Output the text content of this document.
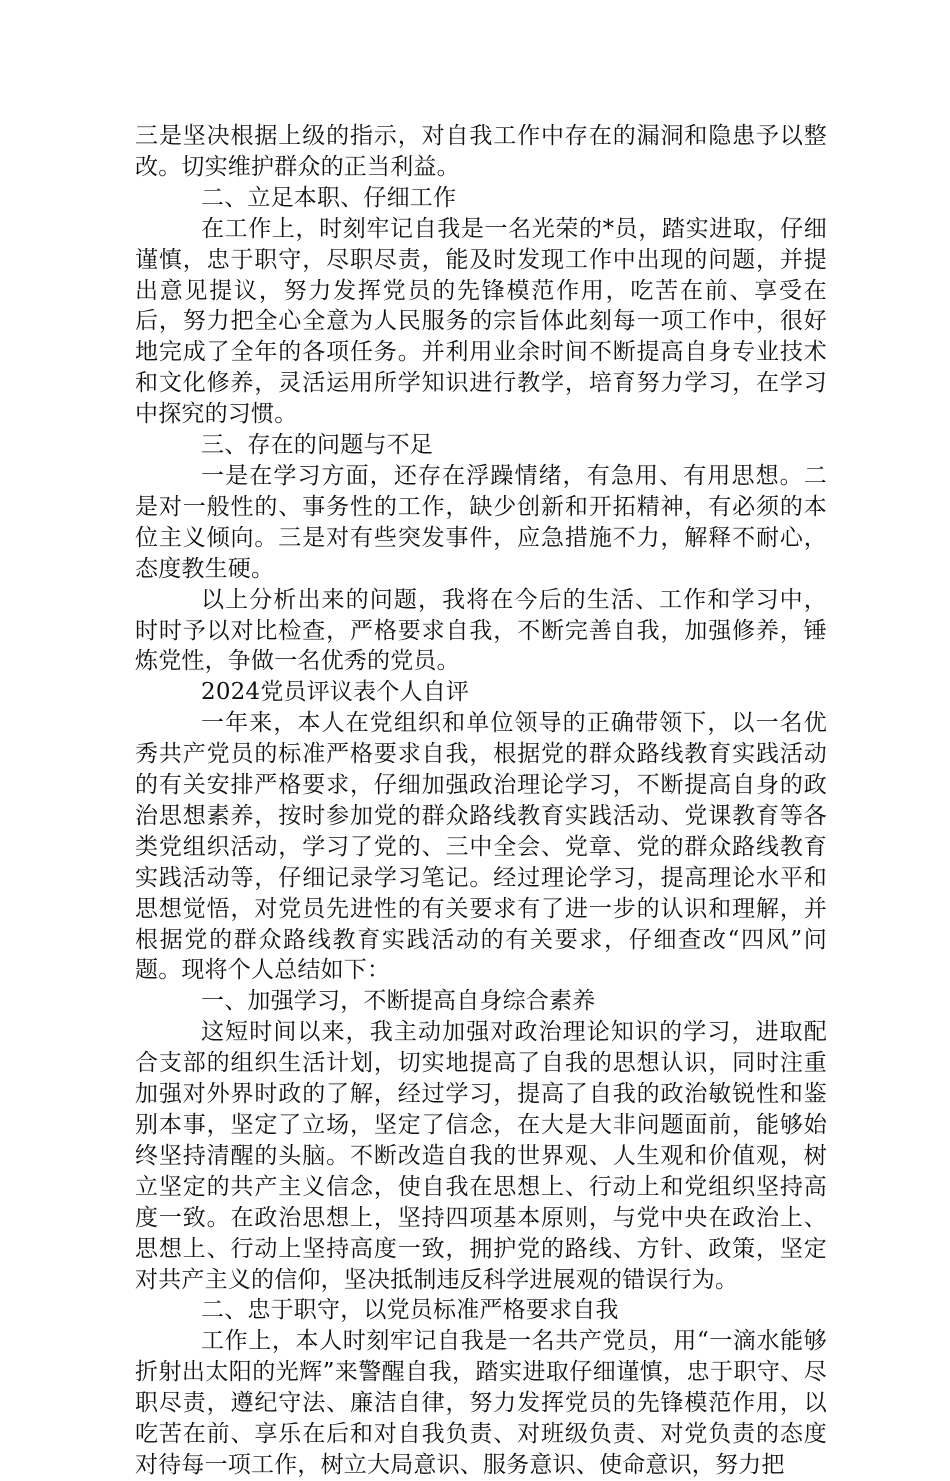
三是坚决根据上级的指示，对自我工作中存在的漏洞和隐患予以整改。切实维护群众的正当利益。

二、立足本职、仔细工作

在工作上，时刻牢记自我是一名光荣的*员，踏实进取，仔细谨慎，忠于职守，尽职尽责，能及时发现工作中出现的问题，并提出意见提议，努力发挥党员的先锋模范作用，吃苦在前、享受在后，努力把全心全意为人民服务的宗旨体此刻每一项工作中，很好地完成了全年的各项任务。并利用业余时间不断提高自身专业技术和文化修养，灵活运用所学知识进行教学，培育努力学习，在学习中探究的习惯。

三、存在的问题与不足

一是在学习方面，还存在浮躁情绪，有急用、有用思想。二是对一般性的、事务性的工作，缺少创新和开拓精神，有必须的本位主义倾向。三是对有些突发事件，应急措施不力，解释不耐心，态度教生硬。

以上分析出来的问题，我将在今后的生活、工作和学习中，时时予以对比检查，严格要求自我，不断完善自我，加强修养，锤炼党性，争做一名优秀的党员。

2024党员评议表个人自评

一年来，本人在党组织和单位领导的正确带领下，以一名优秀共产党员的标准严格要求自我，根据党的群众路线教育实践活动的有关安排严格要求，仔细加强政治理论学习，不断提高自身的政治思想素养，按时参加党的群众路线教育实践活动、党课教育等各类党组织活动，学习了党的、三中全会、党章、党的群众路线教育实践活动等，仔细记录学习笔记。经过理论学习，提高理论水平和思想觉悟，对党员先进性的有关要求有了进一步的认识和理解，并根据党的群众路线教育实践活动的有关要求，仔细查改“四风”问题。现将个人总结如下：

一、加强学习，不断提高自身综合素养

这短时间以来，我主动加强对政治理论知识的学习，进取配合支部的组织生活计划，切实地提高了自我的思想认识，同时注重加强对外界时政的了解，经过学习，提高了自我的政治敏锐性和鉴别本事，坚定了立场，坚定了信念，在大是大非问题面前，能够始终坚持清醒的头脑。不断改造自我的世界观、人生观和价值观，树立坚定的共产主义信念，使自我在思想上、行动上和党组织坚持高度一致。在政治思想上，坚持四项基本原则，与党中央在政治上、思想上、行动上坚持高度一致，拥护党的路线、方针、政策，坚定对共产主义的信仰，坚决抵制违反科学进展观的错误行为。

二、忠于职守，以党员标准严格要求自我

工作上，本人时刻牢记自我是一名共产党员，用“一滴水能够折射出太阳的光辉”来警醒自我，踏实进取仔细谨慎，忠于职守、尽职尽责，遵纪守法、廉洁自律，努力发挥党员的先锋模范作用，以吃苦在前、享乐在后和对自我负责、对班级负责、对党负责的态度对待每一项工作，树立大局意识、服务意识、使命意识，努力把
